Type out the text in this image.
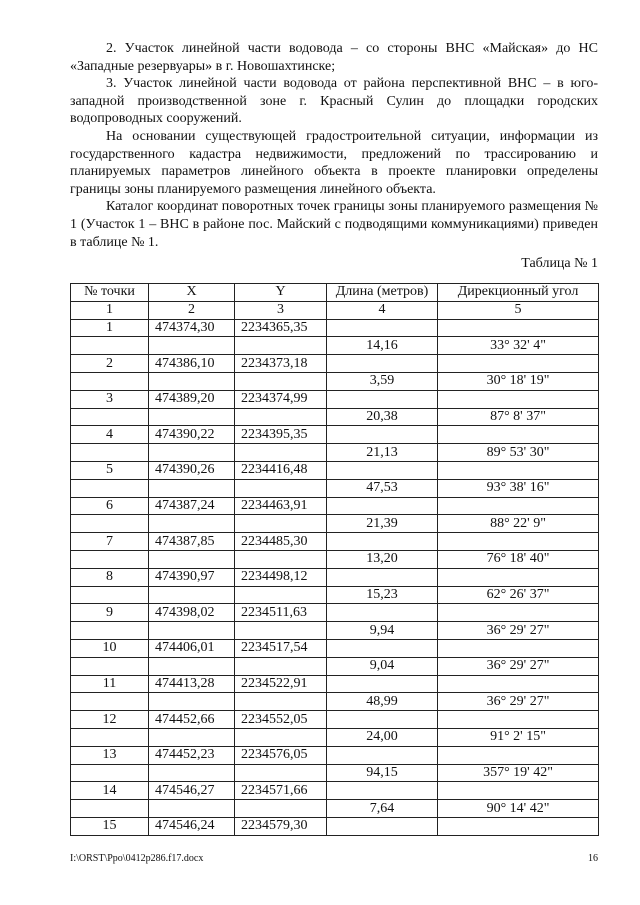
2. Участок линейной части водовода – со стороны ВНС «Майская» до НС «Западные резервуары» в г. Новошахтинске;

3. Участок линейной части водовода от района перспективной ВНС – в юго-западной производственной зоне г. Красный Сулин до площадки городских водопроводных сооружений.

На основании существующей градостроительной ситуации, информации из государственного кадастра недвижимости, предложений по трассированию и планируемых параметров линейного объекта в проекте планировки определены границы зоны планируемого размещения линейного объекта.

Каталог координат поворотных точек границы зоны планируемого размещения № 1 (Участок 1 – ВНС в районе пос. Майский с подводящими коммуникациями) приведен в таблице № 1.

Таблица № 1

№ точки	X	Y	Длина (метров)	Дирекционный угол
1	2	3	4	5
1	474374,30	2234365,35		
			14,16	33° 32' 4"
2	474386,10	2234373,18		
			3,59	30° 18' 19"
3	474389,20	2234374,99		
			20,38	87° 8' 37"
4	474390,22	2234395,35		
			21,13	89° 53' 30"
5	474390,26	2234416,48		
			47,53	93° 38' 16"
6	474387,24	2234463,91		
			21,39	88° 22' 9"
7	474387,85	2234485,30		
			13,20	76° 18' 40"
8	474390,97	2234498,12		
			15,23	62° 26' 37"
9	474398,02	2234511,63		
			9,94	36° 29' 27"
10	474406,01	2234517,54		
			9,04	36° 29' 27"
11	474413,28	2234522,91		
			48,99	36° 29' 27"
12	474452,66	2234552,05		
			24,00	91° 2' 15"
13	474452,23	2234576,05		
			94,15	357° 19' 42"
14	474546,27	2234571,66		
			7,64	90° 14' 42"
15	474546,24	2234579,30		
I:\ORST\Ppo\0412p286.f17.docx	16
